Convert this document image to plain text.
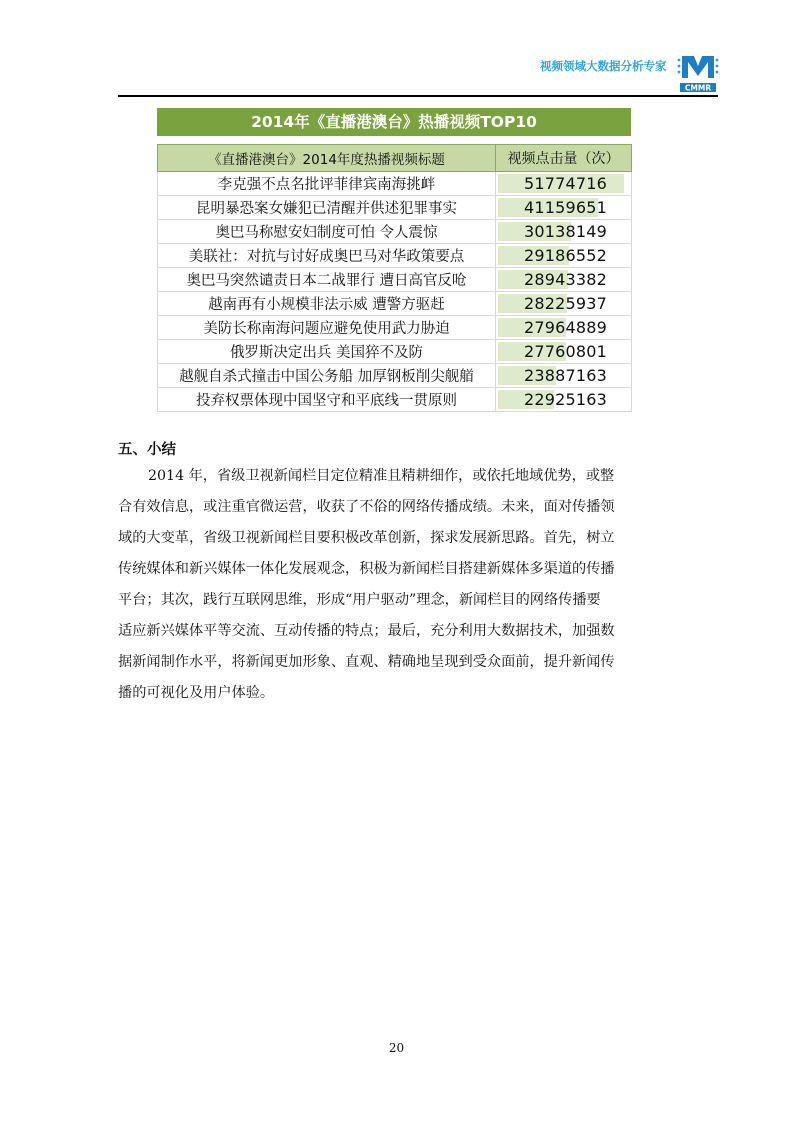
视频领域大数据分析专家
CMMR
2014年《直播港澳台》热播视频TOP10
《直播港澳台》2014年度热播视频标题	视频点击量（次）
李克强不点名批评菲律宾南海挑衅	51774716

昆明暴恐案女嫌犯已清醒并供述犯罪事实	41159651

奥巴马称慰安妇制度可怕 令人震惊	30138149

美联社：对抗与讨好成奥巴马对华政策要点	29186552

奥巴马突然谴责日本二战罪行 遭日高官反呛	28943382

越南再有小规模非法示威 遭警方驱赶	28225937

美防长称南海问题应避免使用武力胁迫	27964889

俄罗斯决定出兵 美国猝不及防	27760801

越舰自杀式撞击中国公务船 加厚钢板削尖舰艏	23887163

投弃权票体现中国坚守和平底线一贯原则	22925163
五、小结
2014 年，省级卫视新闻栏目定位精准且精耕细作，或依托地域优势，或整
合有效信息，或注重官微运营，收获了不俗的网络传播成绩。未来，面对传播领
域的大变革，省级卫视新闻栏目要积极改革创新，探求发展新思路。首先，树立
传统媒体和新兴媒体一体化发展观念，积极为新闻栏目搭建新媒体多渠道的传播
平台；其次，践行互联网思维，形成“用户驱动”理念，新闻栏目的网络传播要
适应新兴媒体平等交流、互动传播的特点；最后，充分利用大数据技术，加强数
据新闻制作水平，将新闻更加形象、直观、精确地呈现到受众面前，提升新闻传
播的可视化及用户体验。
20
